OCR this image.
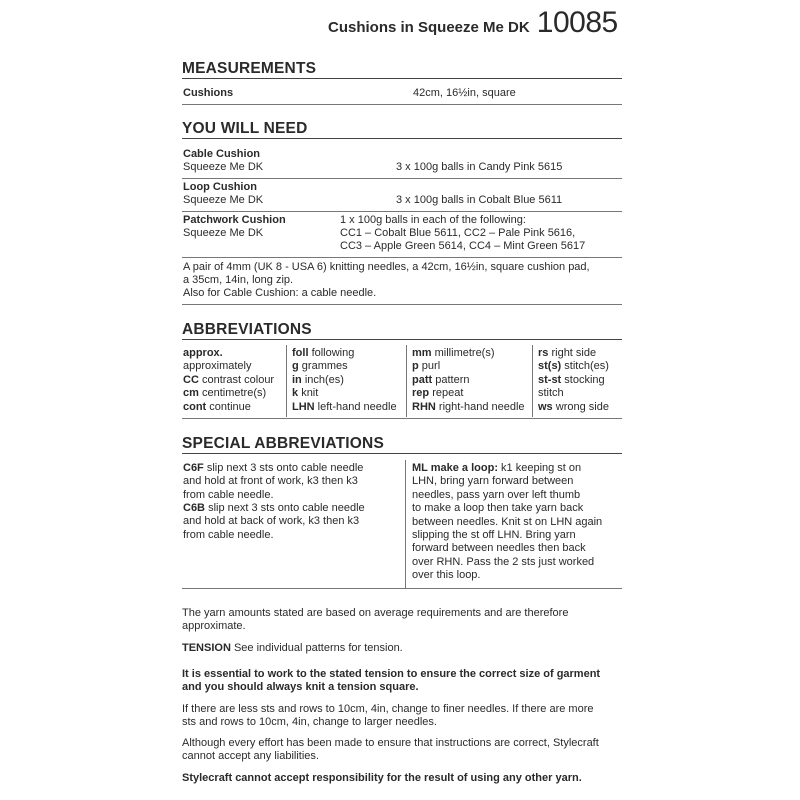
Cushions in Squeeze Me DK 10085
MEASUREMENTS
Cushions	42cm, 16½in, square
YOU WILL NEED
Cable Cushion
Squeeze Me DK	3 x 100g balls in Candy Pink 5615
Loop Cushion
Squeeze Me DK	3 x 100g balls in Cobalt Blue 5611
Patchwork Cushion
Squeeze Me DK
1 x 100g balls in each of the following:
CC1 – Cobalt Blue 5611, CC2 – Pale Pink 5616,
CC3 – Apple Green 5614, CC4 – Mint Green 5617
A pair of 4mm (UK 8 - USA 6) knitting needles, a 42cm, 16½in, square cushion pad,
a 35cm, 14in, long zip.
Also for Cable Cushion: a cable needle.
ABBREVIATIONS
approx.
approximately
CC contrast colour
cm centimetre(s)
cont continue
foll following
g grammes
in inch(es)
k knit
LHN left-hand needle
mm millimetre(s)
p purl
patt pattern
rep repeat
RHN right-hand needle
rs right side
st(s) stitch(es)
st-st stocking
stitch
ws wrong side
SPECIAL ABBREVIATIONS
C6F slip next 3 sts onto cable needle
and hold at front of work, k3 then k3
from cable needle.
C6B slip next 3 sts onto cable needle
and hold at back of work, k3 then k3
from cable needle.
ML make a loop: k1 keeping st on
LHN, bring yarn forward between
needles, pass yarn over left thumb
to make a loop then take yarn back
between needles. Knit st on LHN again
slipping the st off LHN. Bring yarn
forward between needles then back
over RHN. Pass the 2 sts just worked
over this loop.
The yarn amounts stated are based on average requirements and are therefore
approximate.
TENSION See individual patterns for tension.
It is essential to work to the stated tension to ensure the correct size of garment
and you should always knit a tension square.
If there are less sts and rows to 10cm, 4in, change to finer needles. If there are more
sts and rows to 10cm, 4in, change to larger needles.
Although every effort has been made to ensure that instructions are correct, Stylecraft
cannot accept any liabilities.
Stylecraft cannot accept responsibility for the result of using any other yarn.
